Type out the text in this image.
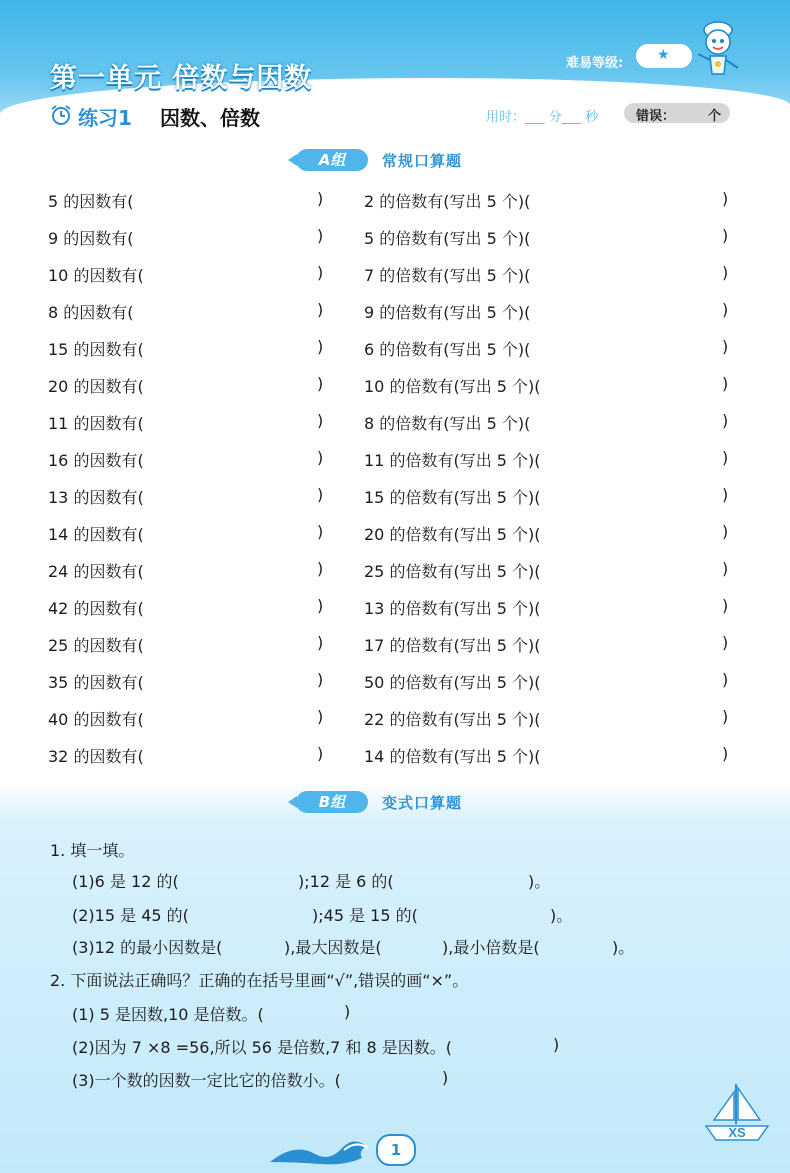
第一单元 倍数与因数	难易等级:
★
练习1 因数、倍数	用时：___ 分___ 秒	错误：	个
A组	常规口算题
5 的因数有(	)	2 的倍数有(写出 5 个)(	)
9 的因数有(	)	5 的倍数有(写出 5 个)(	)
10 的因数有(	)	7 的倍数有(写出 5 个)(	)
8 的因数有(	)	9 的倍数有(写出 5 个)(	)
15 的因数有(	)	6 的倍数有(写出 5 个)(	)
20 的因数有(	)	10 的倍数有(写出 5 个)(	)
11 的因数有(	)	8 的倍数有(写出 5 个)(	)
16 的因数有(	)	11 的倍数有(写出 5 个)(	)
13 的因数有(	)	15 的倍数有(写出 5 个)(	)
14 的因数有(	)	20 的倍数有(写出 5 个)(	)
24 的因数有(	)	25 的倍数有(写出 5 个)(	)
42 的因数有(	)	13 的倍数有(写出 5 个)(	)
25 的因数有(	)	17 的倍数有(写出 5 个)(	)
35 的因数有(	)	50 的倍数有(写出 5 个)(	)
40 的因数有(	)	22 的倍数有(写出 5 个)(	)
32 的因数有(	)	14 的倍数有(写出 5 个)(	)
B组	变式口算题
1. 填一填。
(1)6 是 12 的(	);12 是 6 的(	)。
(2)15 是 45 的(	);45 是 15 的(	)。
(3)12 的最小因数是(	),最大因数是(	),最小倍数是(	)。
2. 下面说法正确吗？正确的在括号里画“√”,错误的画“×”。
(1) 5 是因数,10 是倍数。(	)
(2)因为 7 ×8 =56,所以 56 是倍数,7 和 8 是因数。(	)
(3)一个数的因数一定比它的倍数小。(	)
1
XS
